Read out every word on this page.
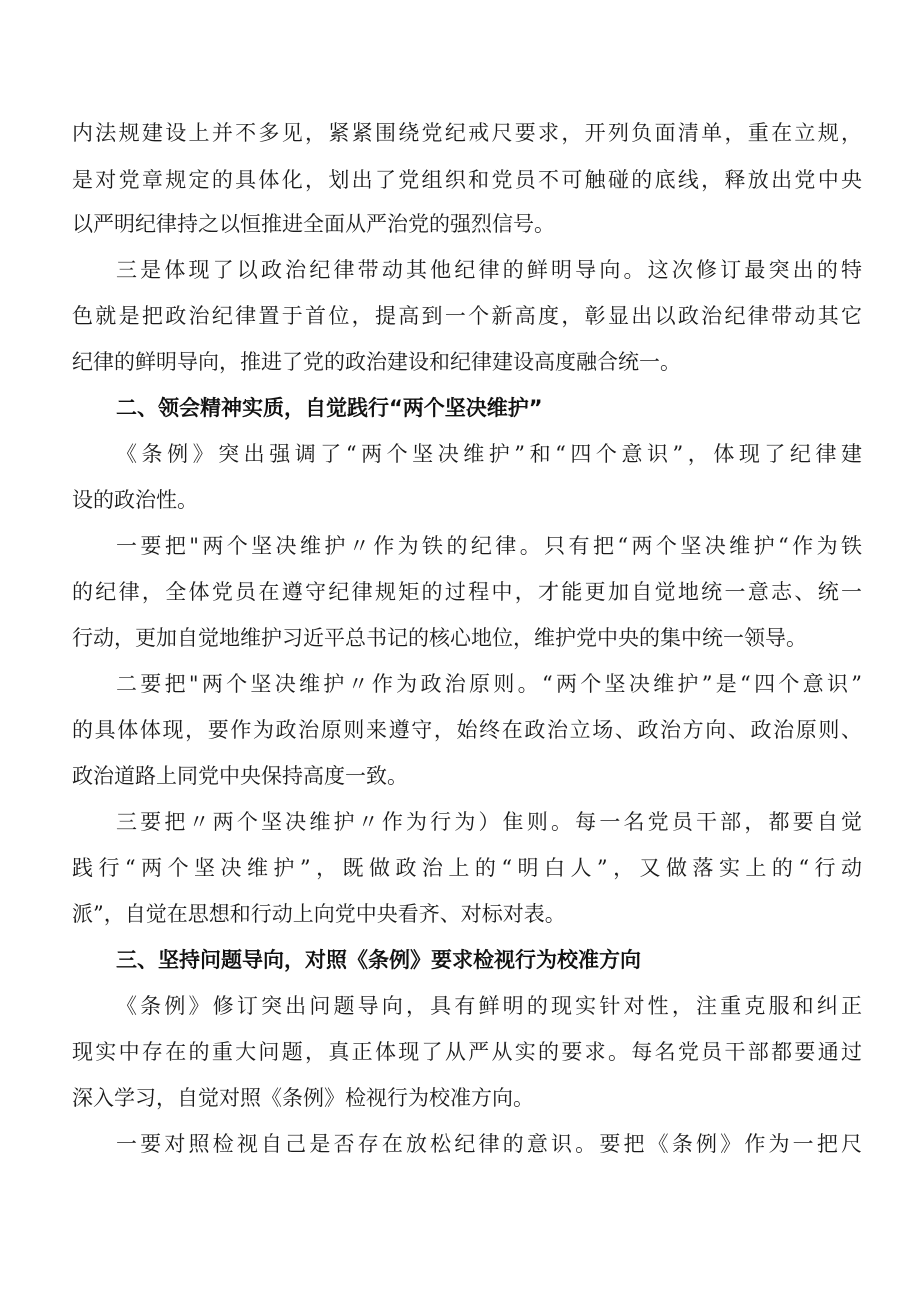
内法规建设上并不多见，紧紧围绕党纪戒尺要求，开列负面清单，重在立规，
是对党章规定的具体化，划出了党组织和党员不可触碰的底线，释放出党中央
以严明纪律持之以恒推进全面从严治党的强烈信号。
三是体现了以政治纪律带动其他纪律的鲜明导向。这次修订最突出的特
色就是把政治纪律置于首位，提高到一个新高度，彰显出以政治纪律带动其它
纪律的鲜明导向，推进了党的政治建设和纪律建设高度融合统一。
二、领会精神实质，自觉践行“两个坚决维护”
《条例》突出强调了“两个坚决维护”和“四个意识”，体现了纪律建
设的政治性。
一要把"两个坚决维护〃作为铁的纪律。只有把“两个坚决维护“作为铁
的纪律，全体党员在遵守纪律规矩的过程中，才能更加自觉地统一意志、统一
行动，更加自觉地维护习近平总书记的核心地位，维护党中央的集中统一领导。
二要把"两个坚决维护〃作为政治原则。“两个坚决维护”是“四个意识”
的具体体现，要作为政治原则来遵守，始终在政治立场、政治方向、政治原则、
政治道路上同党中央保持高度一致。
三要把〃两个坚决维护〃作为行为）隹则。每一名党员干部，都要自觉
践行“两个坚决维护”，既做政治上的“明白人”，又做落实上的“行动
派”，自觉在思想和行动上向党中央看齐、对标对表。
三、坚持问题导向，对照《条例》要求检视行为校准方向
《条例》修订突出问题导向，具有鲜明的现实针对性，注重克服和纠正
现实中存在的重大问题，真正体现了从严从实的要求。每名党员干部都要通过
深入学习，自觉对照《条例》检视行为校准方向。
一要对照检视自己是否存在放松纪律的意识。要把《条例》作为一把尺
